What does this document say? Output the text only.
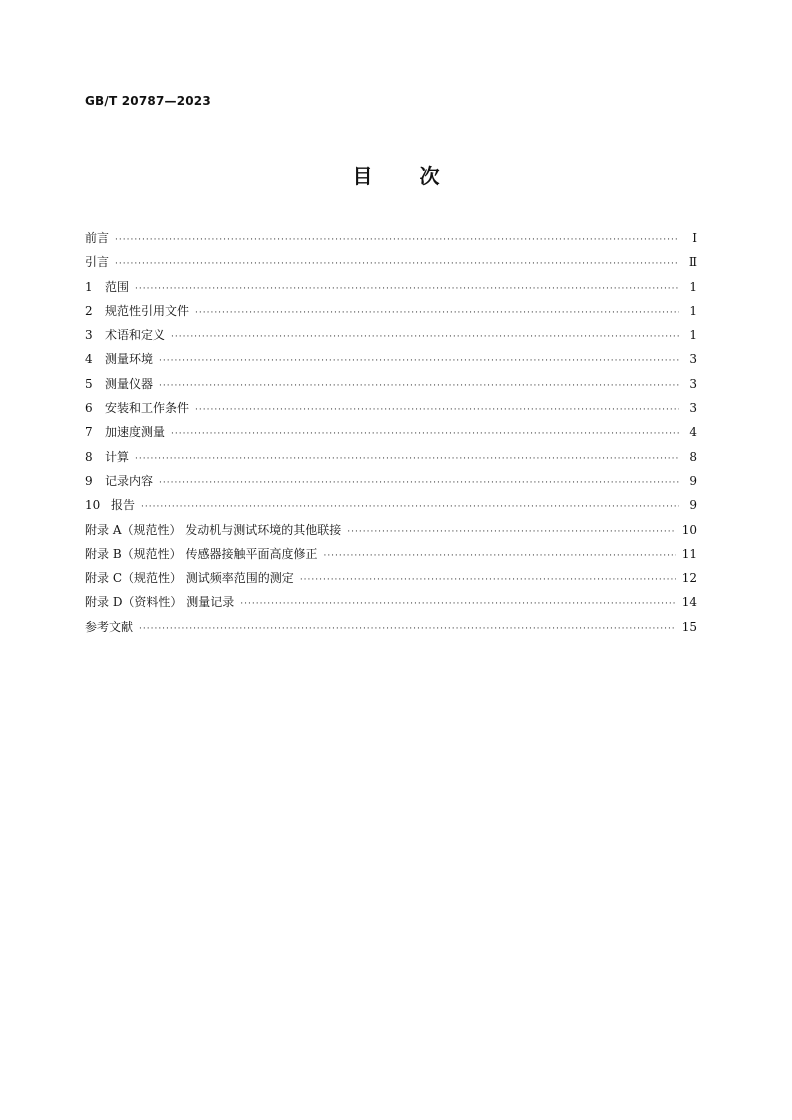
GB/T 20787—2023
目 次
前言 ·····	Ⅰ
引言 ·····	Ⅱ
1	范围 ·····	1
2	规范性引用文件 ·····	1
3	术语和定义 ·····	1
4	测量环境 ·····	3
5	测量仪器 ·····	3
6	安装和工作条件 ·····	3
7	加速度测量 ·····	4
8	计算 ·····	8
9	记录内容 ·····	9
10 报告 ·····	9
附录 A（规范性） 发动机与测试环境的其他联接 ·····	10
附录 B（规范性） 传感器接触平面高度修正 ·····	11
附录 C（规范性） 测试频率范围的测定 ·····	12
附录 D（资料性） 测量记录 ·····	14
参考文献 ·····	15
